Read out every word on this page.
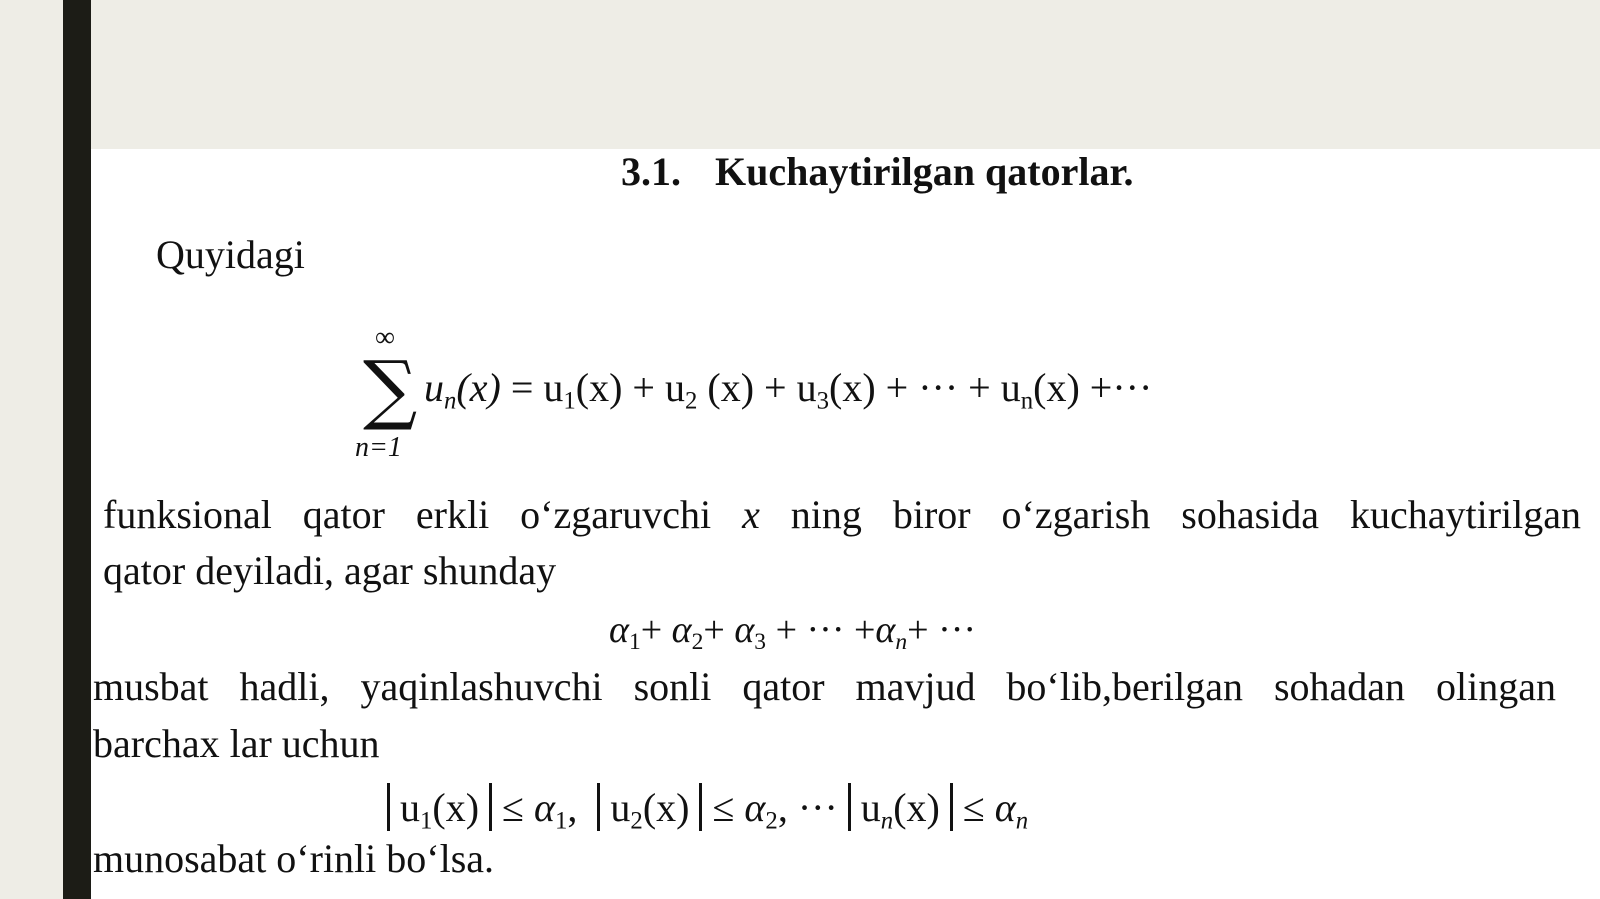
3.1. Kuchaytirilgan qatorlar.
Quyidagi
∞
∑
n=1
$u_n(x) = u_1(x) + u_2$ $(x) + u_3(x)$ + ··· + $u_n(x)$ +···
funksional qator erkli o‘zgaruvchi x ning biror o‘zgarish sohasida kuchaytirilgan
qator deyiladi, agar shunday
$\alpha_1+ \alpha_2+ \alpha_3$ + ··· $+\alpha_n+$ ···
musbat hadli, yaqinlashuvchi sonli qator mavjud bo‘lib,berilgan sohadan olingan
barchax lar uchun
$u_1(x) \le \alpha_1$, $u_2(x) \le \alpha_2$, ··· $u_n(x) \le \alpha_n$
munosabat o‘rinli bo‘lsa.
